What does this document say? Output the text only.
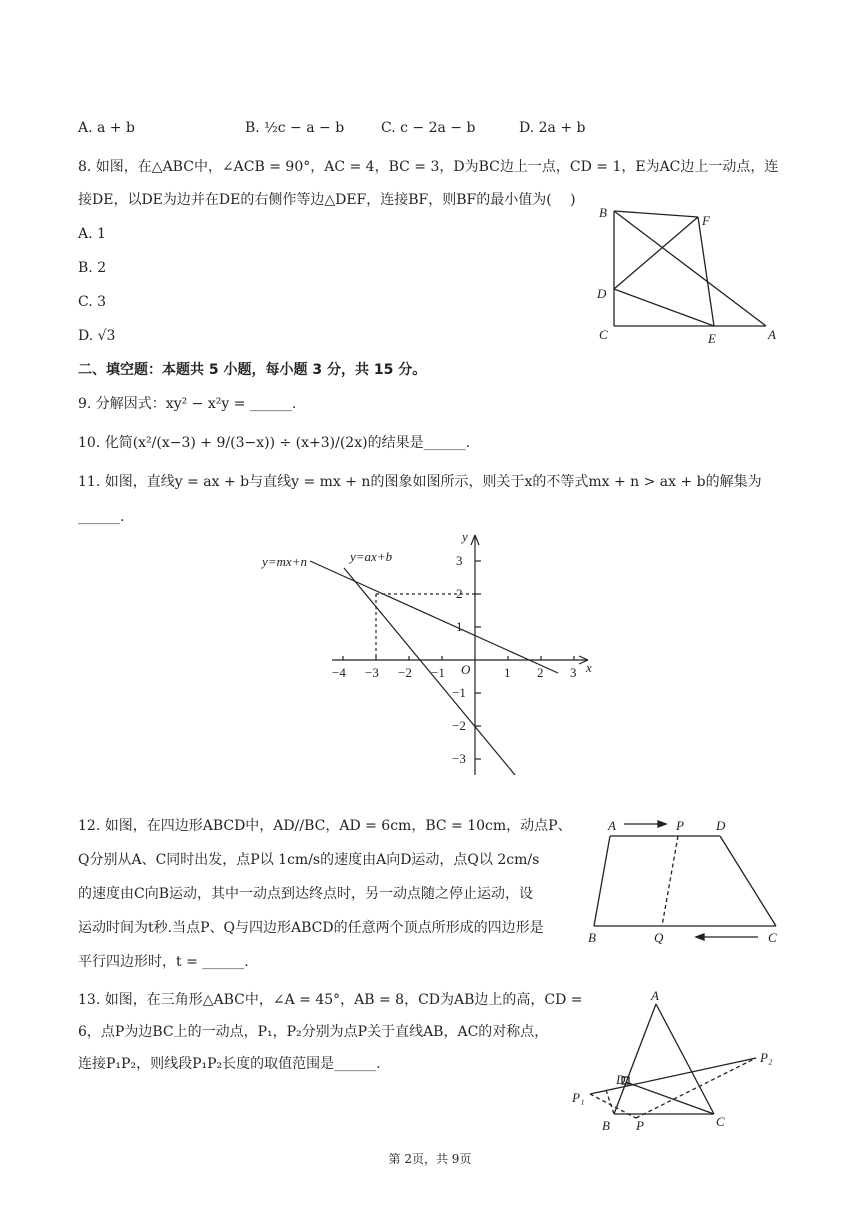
A. a + b	B. ½c − a − b	C. c − 2a − b	D. 2a + b
8. 如图，在△ABC中，∠ACB = 90°，AC = 4，BC = 3，D为BC边上一点，CD = 1，E为AC边上一动点，连
接DE，以DE为边并在DE的右侧作等边△DEF，连接BF，则BF的最小值为(　 )
A. 1
B. 2
C. 3
D. √3
B
F
D
C	E	A
二、填空题：本题共 5 小题，每小题 3 分，共 15 分。
9. 分解因式：xy² − x²y = ______.
10. 化简(x²/(x−3) + 9/(3−x)) ÷ (x+3)/(2x)的结果是______.
11. 如图，直线y = ax + b与直线y = mx + n的图象如图所示，则关于x的不等式mx + n > ax + b的解集为
______.
y=mx+n	y=ax+b
x
y
O
−4 −3 −2 −1	1 2 3
3
2
1
−1
−2
−3
12. 如图，在四边形ABCD中，AD//BC，AD = 6cm，BC = 10cm，动点P、
Q分别从A、C同时出发，点P以 1cm/s的速度由A向D运动，点Q以 2cm/s
的速度由C向B运动，其中一动点到达终点时，另一动点随之停止运动，设
运动时间为t秒.当点P、Q与四边形ABCD的任意两个顶点所形成的四边形是
平行四边形时，t = ______.
A	P D
B	Q	C
13. 如图，在三角形△ABC中，∠A = 45°，AB = 8，CD为AB边上的高，CD =
6，点P为边BC上的一动点，P₁，P₂分别为点P关于直线AB，AC的对称点，
连接P₁P₂，则线段P₁P₂长度的取值范围是______.
A
D
P₁
P₂
B P	C
第 2页，共 9页
